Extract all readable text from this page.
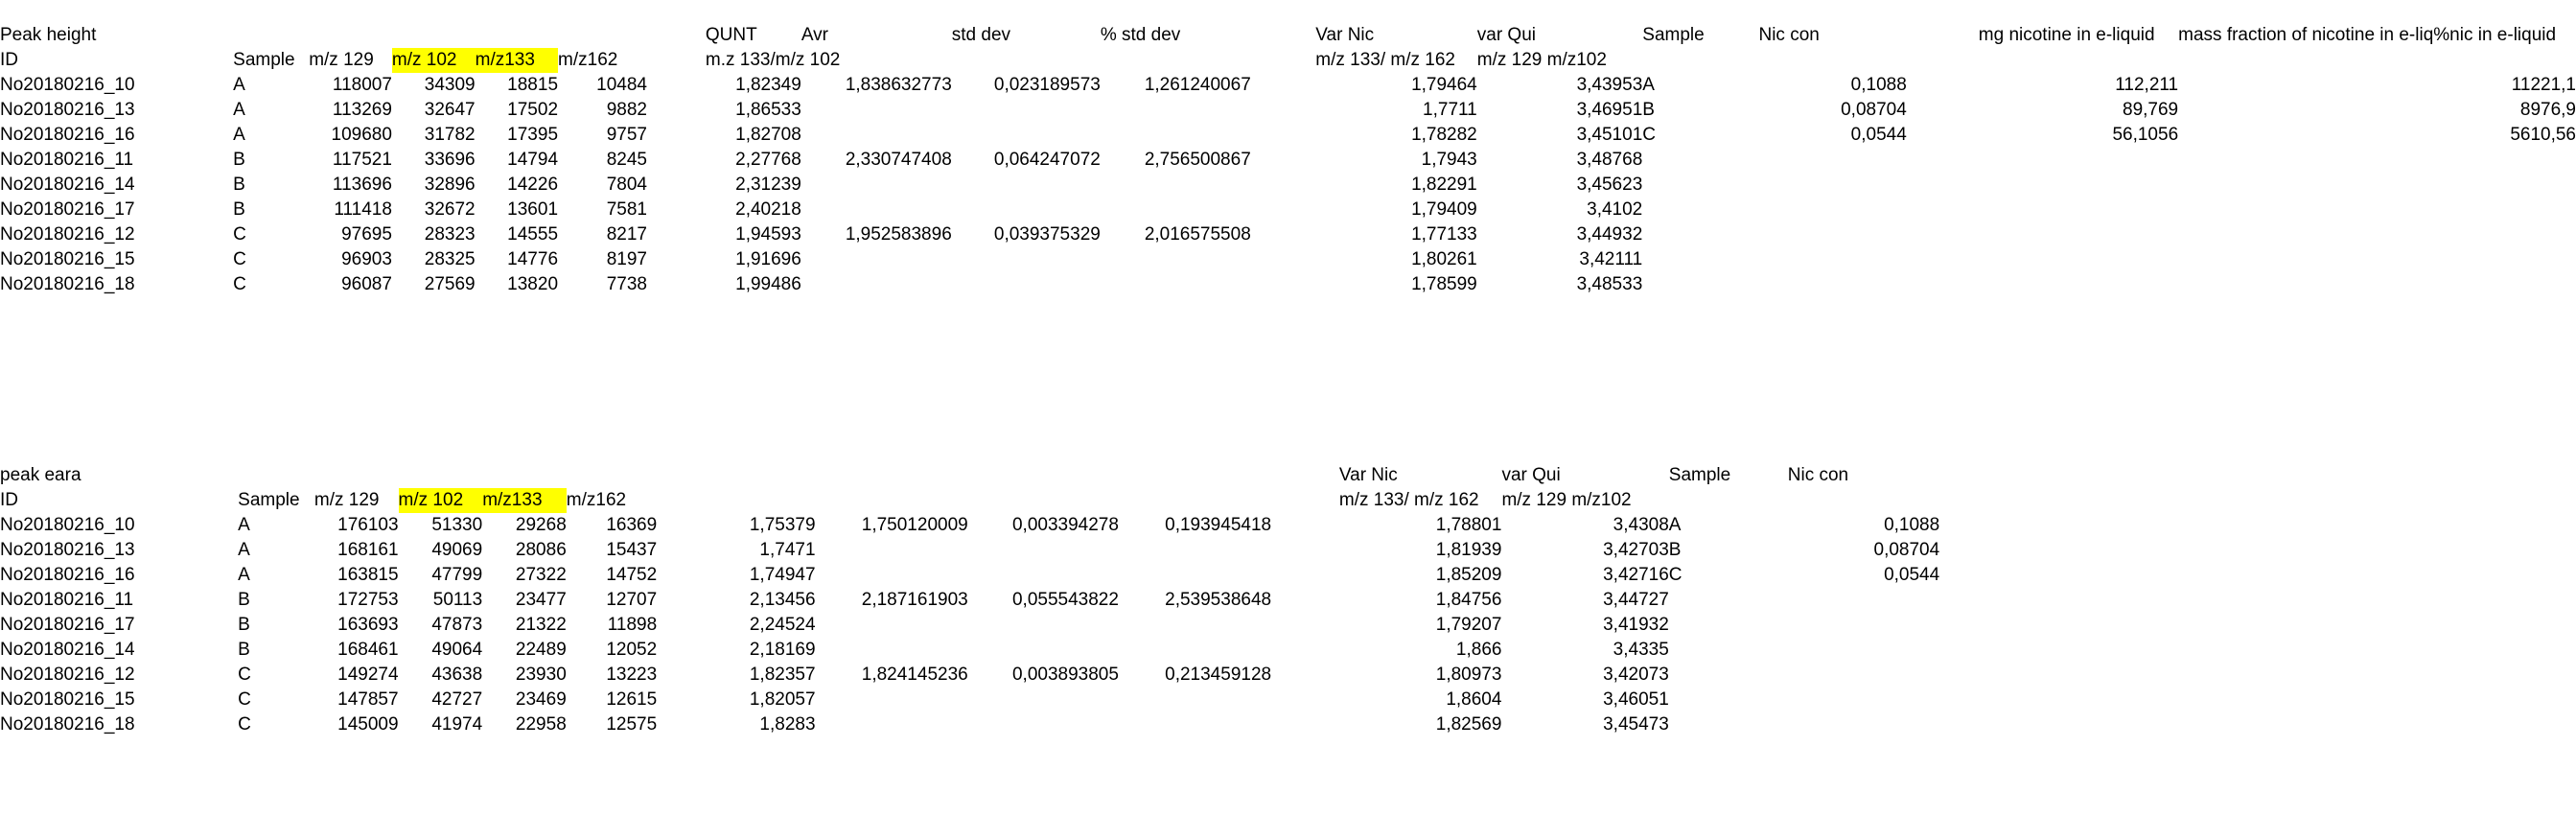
Peak height							QUNT	Avr	std dev	% std dev		Var Nic	var Qui	Sample	Nic con		mg nicotine in e-liquid	mass fraction of nicotine in e-liq	%nic in e-liquid
ID	Sample	m/z 129	m/z 102	m/z133	m/z162		m.z 133/m/z 102					m/z 133/ m/z 162	m/z 129 m/z102						
No20180216_10	A	118007	34309	18815	10484		1,82349	1,838632773	0,023189573	1,261240067		1,79464	3,43953	A	0,1088		112,211		11221,1
No20180216_13	A	113269	32647	17502	9882		1,86533					1,7711	3,46951	B	0,08704		89,769		8976,9
No20180216_16	A	109680	31782	17395	9757		1,82708					1,78282	3,45101	C	0,0544		56,1056		5610,56
No20180216_11	B	117521	33696	14794	8245		2,27768	2,330747408	0,064247072	2,756500867		1,7943	3,48768						
No20180216_14	B	113696	32896	14226	7804		2,31239					1,82291	3,45623						
No20180216_17	B	111418	32672	13601	7581		2,40218					1,79409	3,4102						
No20180216_12	C	97695	28323	14555	8217		1,94593	1,952583896	0,039375329	2,016575508		1,77133	3,44932						
No20180216_15	C	96903	28325	14776	8197		1,91696					1,80261	3,42111						
No20180216_18	C	96087	27569	13820	7738		1,99486					1,78599	3,48533						
peak eara												Var Nic	var Qui	Sample	Nic con				
ID	Sample	m/z 129	m/z 102	m/z133	m/z162							m/z 133/ m/z 162	m/z 129 m/z102						
No20180216_10	A	176103	51330	29268	16369		1,75379	1,750120009	0,003394278	0,193945418		1,78801	3,4308	A	0,1088				
No20180216_13	A	168161	49069	28086	15437		1,7471					1,81939	3,42703	B	0,08704				
No20180216_16	A	163815	47799	27322	14752		1,74947					1,85209	3,42716	C	0,0544				
No20180216_11	B	172753	50113	23477	12707		2,13456	2,187161903	0,055543822	2,539538648		1,84756	3,44727						
No20180216_17	B	163693	47873	21322	11898		2,24524					1,79207	3,41932						
No20180216_14	B	168461	49064	22489	12052		2,18169					1,866	3,4335						
No20180216_12	C	149274	43638	23930	13223		1,82357	1,824145236	0,003893805	0,213459128		1,80973	3,42073						
No20180216_15	C	147857	42727	23469	12615		1,82057					1,8604	3,46051						
No20180216_18	C	145009	41974	22958	12575		1,8283					1,82569	3,45473						
